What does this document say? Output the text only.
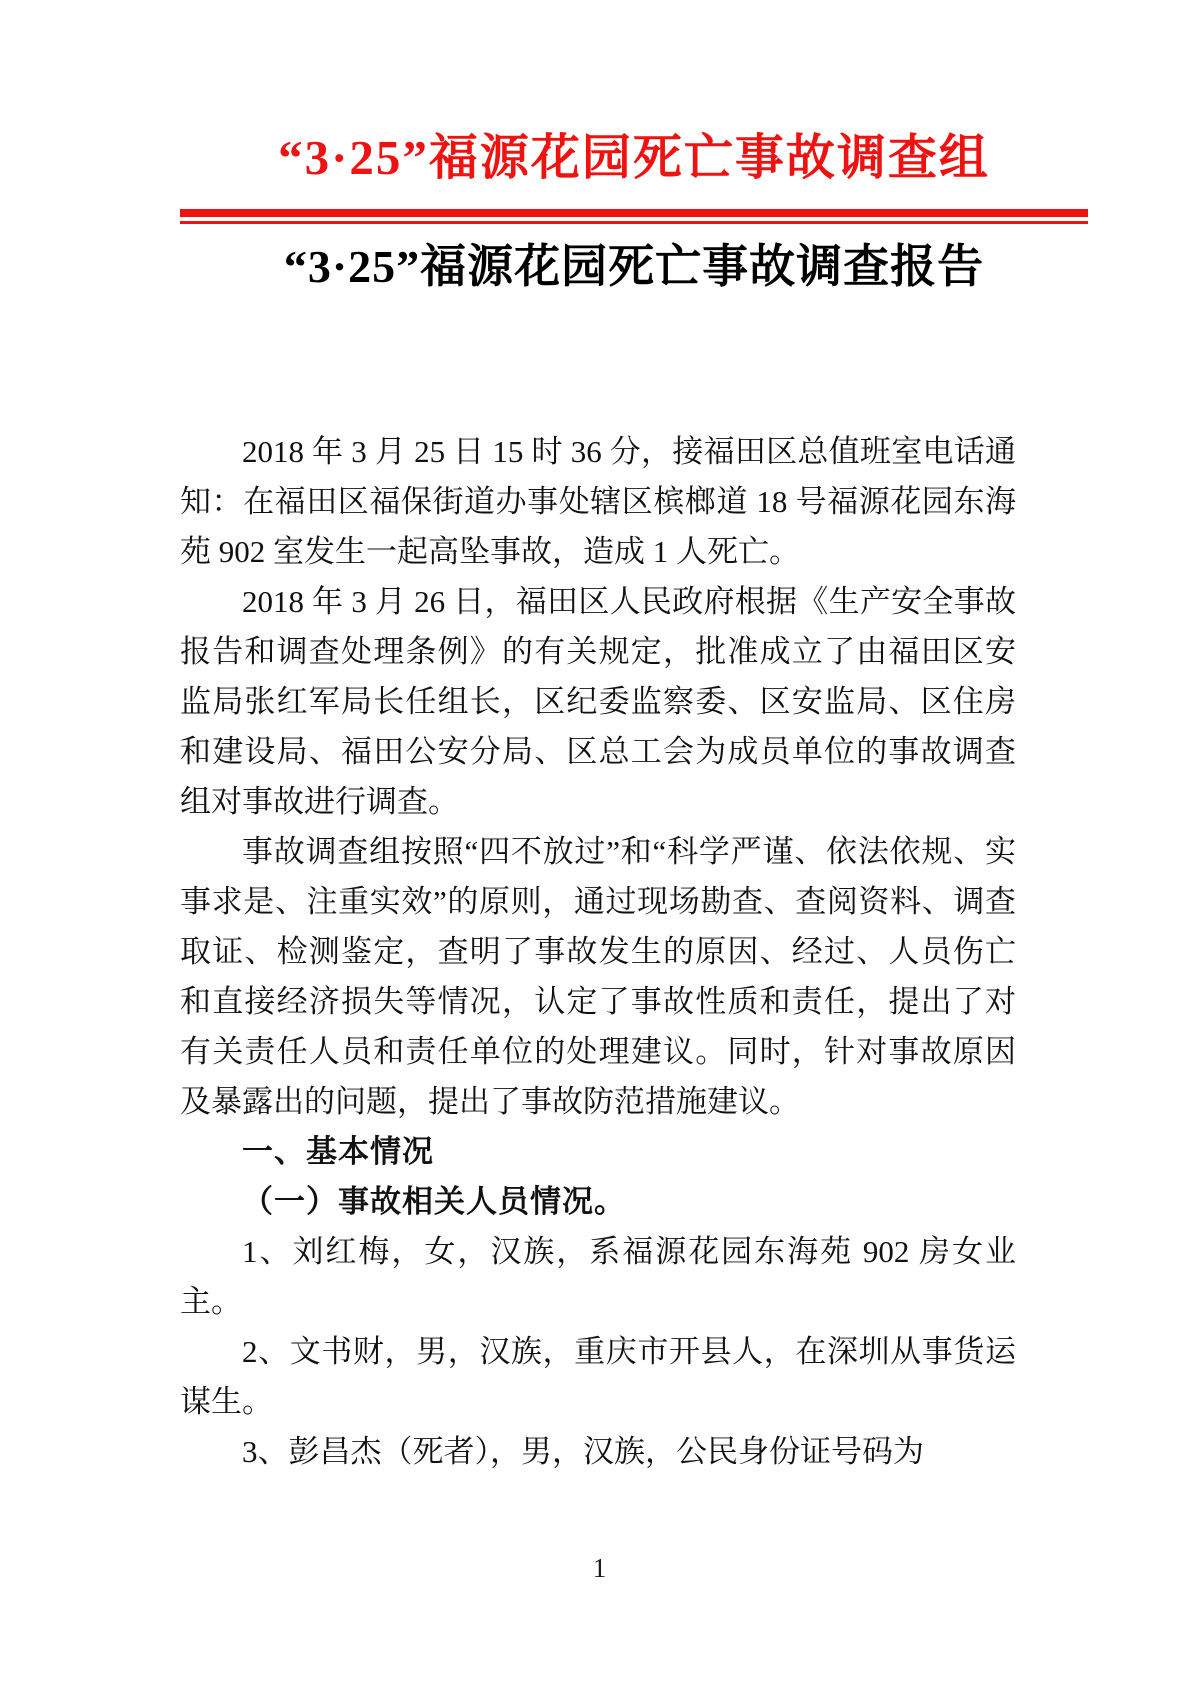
“3·25”福源花园死亡事故调查组
“3·25”福源花园死亡事故调查报告

2018 年 3 月 25 日 15 时 36 分，接福田区总值班室电话通知：在福田区福保街道办事处辖区槟榔道 18 号福源花园东海苑 902 室发生一起高坠事故，造成 1 人死亡。

2018 年 3 月 26 日，福田区人民政府根据《生产安全事故报告和调查处理条例》的有关规定，批准成立了由福田区安监局张红军局长任组长，区纪委监察委、区安监局、区住房和建设局、福田公安分局、区总工会为成员单位的事故调查组对事故进行调查。

事故调查组按照“四不放过”和“科学严谨、依法依规、实事求是、注重实效”的原则，通过现场勘查、查阅资料、调查取证、检测鉴定，查明了事故发生的原因、经过、人员伤亡和直接经济损失等情况，认定了事故性质和责任，提出了对有关责任人员和责任单位的处理建议。同时，针对事故原因及暴露出的问题，提出了事故防范措施建议。

一、基本情况

（一）事故相关人员情况。

1、刘红梅，女，汉族，系福源花园东海苑 902 房女业主。

2、文书财，男，汉族，重庆市开县人，在深圳从事货运谋生。

3、彭昌杰（死者），男，汉族，公民身份证号码为

1
